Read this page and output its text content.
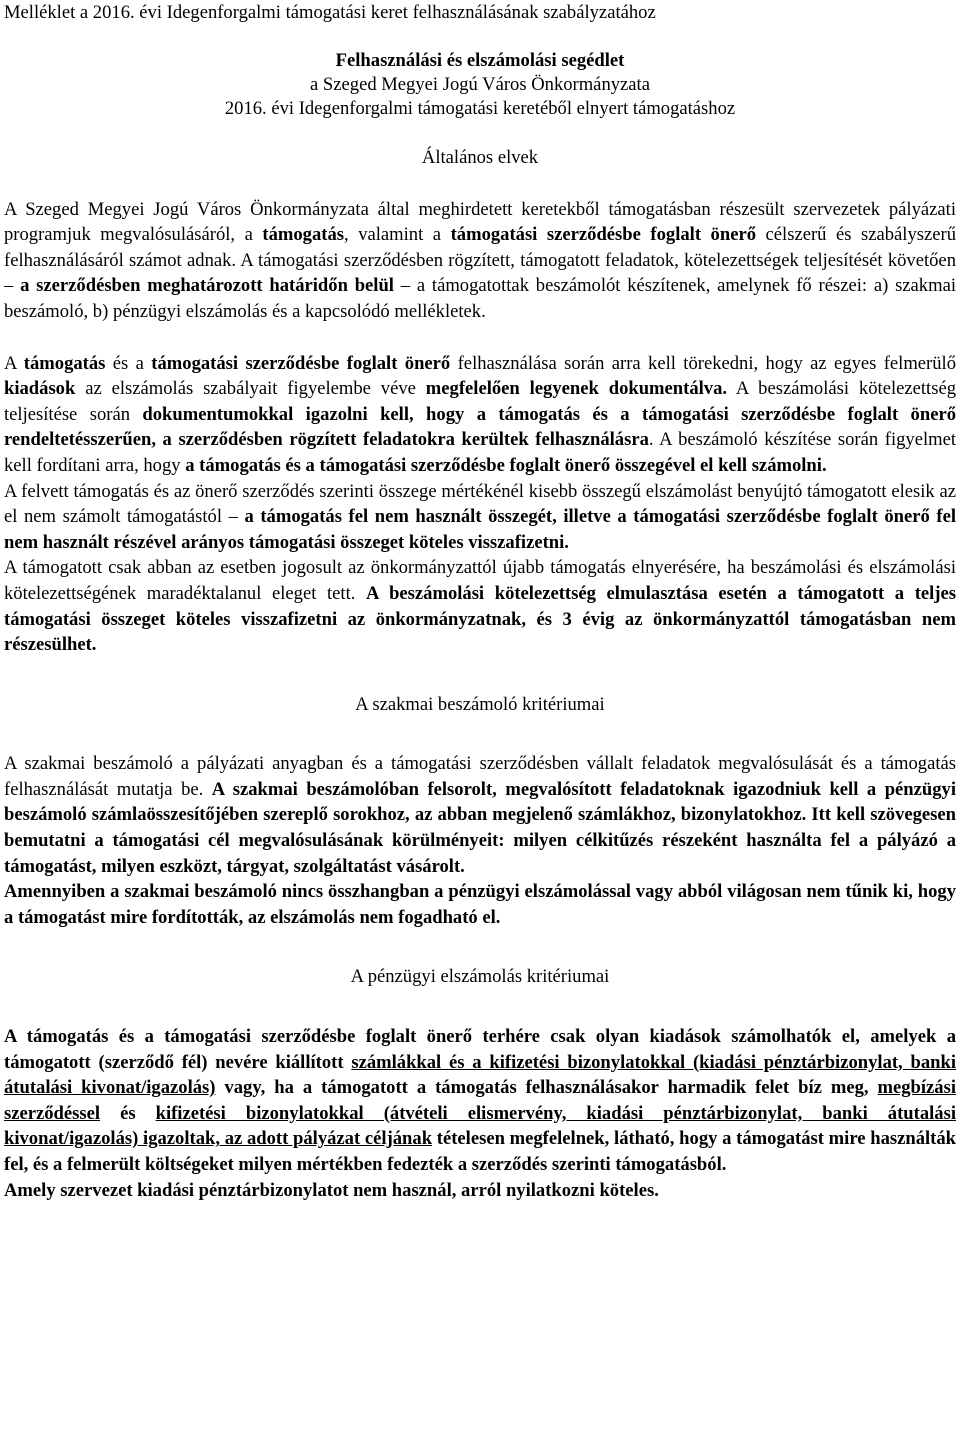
Melléklet a 2016. évi Idegenforgalmi támogatási keret felhasználásának szabályzatához

Felhasználási és elszámolási segédlet
a Szeged Megyei Jogú Város Önkormányzata
2016. évi Idegenforgalmi támogatási keretéből elnyert támogatáshoz
Általános elvek

A Szeged Megyei Jogú Város Önkormányzata által meghirdetett keretekből támogatásban részesült szervezetek pályázati programjuk megvalósulásáról, a támogatás, valamint a támogatási szerződésbe foglalt önerő célszerű és szabályszerű felhasználásáról számot adnak. A támogatási szerződésben rögzített, támogatott feladatok, kötelezettségek teljesítését követően – a szerződésben meghatározott határidőn belül – a támogatottak beszámolót készítenek, amelynek fő részei: a) szakmai beszámoló, b) pénzügyi elszámolás és a kapcsolódó mellékletek.

A támogatás és a támogatási szerződésbe foglalt önerő felhasználása során arra kell törekedni, hogy az egyes felmerülő kiadások az elszámolás szabályait figyelembe véve megfelelően legyenek dokumentálva. A beszámolási kötelezettség teljesítése során dokumentumokkal igazolni kell, hogy a támogatás és a támogatási szerződésbe foglalt önerő rendeltetésszerűen, a szerződésben rögzített feladatokra kerültek felhasználásra. A beszámoló készítése során figyelmet kell fordítani arra, hogy a támogatás és a támogatási szerződésbe foglalt önerő összegével el kell számolni.

A felvett támogatás és az önerő szerződés szerinti összege mértékénél kisebb összegű elszámolást benyújtó támogatott elesik az el nem számolt támogatástól – a támogatás fel nem használt összegét, illetve a támogatási szerződésbe foglalt önerő fel nem használt részével arányos támogatási összeget köteles visszafizetni.

A támogatott csak abban az esetben jogosult az önkormányzattól újabb támogatás elnyerésére, ha beszámolási és elszámolási kötelezettségének maradéktalanul eleget tett. A beszámolási kötelezettség elmulasztása esetén a támogatott a teljes támogatási összeget köteles visszafizetni az önkormányzatnak, és 3 évig az önkormányzattól támogatásban nem részesülhet.

A szakmai beszámoló kritériumai

A szakmai beszámoló a pályázati anyagban és a támogatási szerződésben vállalt feladatok megvalósulását és a támogatás felhasználását mutatja be. A szakmai beszámolóban felsorolt, megvalósított feladatoknak igazodniuk kell a pénzügyi beszámoló számlaösszesítőjében szereplő sorokhoz, az abban megjelenő számlákhoz, bizonylatokhoz. Itt kell szövegesen bemutatni a támogatási cél megvalósulásának körülményeit: milyen célkitűzés részeként használta fel a pályázó a támogatást, milyen eszközt, tárgyat, szolgáltatást vásárolt.

Amennyiben a szakmai beszámoló nincs összhangban a pénzügyi elszámolással vagy abból világosan nem tűnik ki, hogy a támogatást mire fordították, az elszámolás nem fogadható el.

A pénzügyi elszámolás kritériumai

A támogatás és a támogatási szerződésbe foglalt önerő terhére csak olyan kiadások számolhatók el, amelyek a támogatott (szerződő fél) nevére kiállított számlákkal és a kifizetési bizonylatokkal (kiadási pénztárbizonylat, banki átutalási kivonat/igazolás) vagy, ha a támogatott a támogatás felhasználásakor harmadik felet bíz meg, megbízási szerződéssel és kifizetési bizonylatokkal (átvételi elismervény, kiadási pénztárbizonylat, banki átutalási kivonat/igazolás) igazoltak, az adott pályázat céljának tételesen megfelelnek, látható, hogy a támogatást mire használták fel, és a felmerült költségeket milyen mértékben fedezték a szerződés szerinti támogatásból.

Amely szervezet kiadási pénztárbizonylatot nem használ, arról nyilatkozni köteles.
